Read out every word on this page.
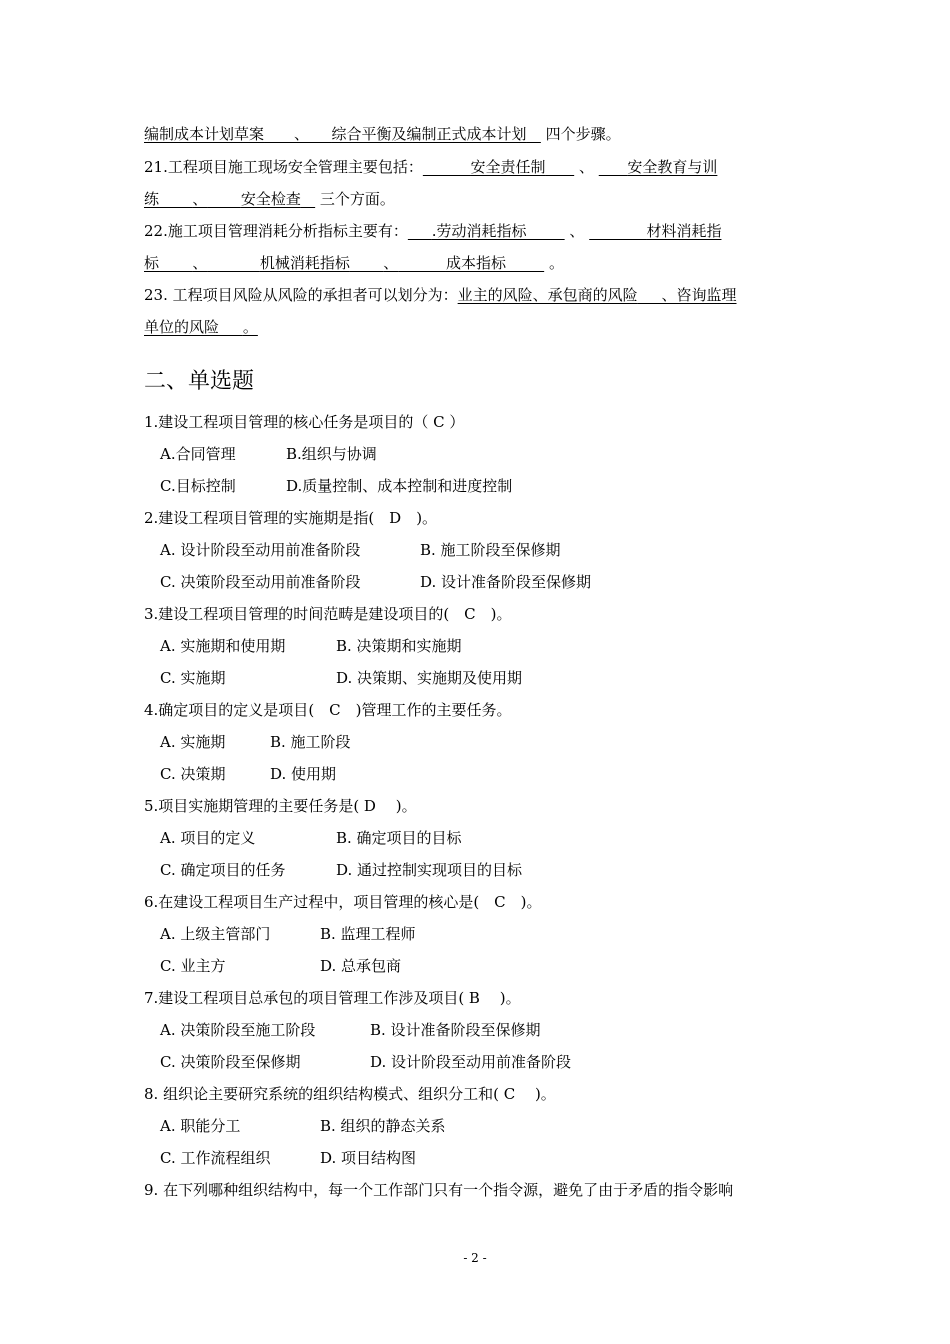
编制成本计划草案　　、　　综合平衡及编制正式成本计划 四个步骤。
21.工程项目施工现场安全管理主要包括：	安全责任制 、 安全教育与训
练 、 安全检查 三个方面。
22.施工项目管理消耗分析指标主要有： .劳动消耗指标	、	材料消耗指
标 、	机械消耗指标 、	成本指标	。
23. 工程项目风险从风险的承担者可以划分为：业主的风险、承包商的风险 、咨询监理
单位的风险 。
二、单选题
1.建设工程项目管理的核心任务是项目的（ C ）
A.合同管理	B.组织与协调
C.目标控制	D.质量控制、成本控制和进度控制
2.建设工程项目管理的实施期是指(　D　)。
A. 设计阶段至动用前准备阶段	B. 施工阶段至保修期
C. 决策阶段至动用前准备阶段	D. 设计准备阶段至保修期
3.建设工程项目管理的时间范畴是建设项目的(　C　)。
A. 实施期和使用期	B. 决策期和实施期
C. 实施期	D. 决策期、实施期及使用期
4.确定项目的定义是项目(　C　)管理工作的主要任务。
A. 实施期	B. 施工阶段
C. 决策期	D. 使用期
5.项目实施期管理的主要任务是( D　 )。
A. 项目的定义	B. 确定项目的目标
C. 确定项目的任务	D. 通过控制实现项目的目标
6.在建设工程项目生产过程中，项目管理的核心是(　C　)。
A. 上级主管部门	B. 监理工程师
C. 业主方	D. 总承包商
7.建设工程项目总承包的项目管理工作涉及项目( B　 )。
A. 决策阶段至施工阶段	B. 设计准备阶段至保修期
C. 决策阶段至保修期	D. 设计阶段至动用前准备阶段
8. 组织论主要研究系统的组织结构模式、组织分工和( C　 )。
A. 职能分工	B. 组织的静态关系
C. 工作流程组织	D. 项目结构图
9. 在下列哪种组织结构中，每一个工作部门只有一个指令源，避免了由于矛盾的指令影响
- 2 -
